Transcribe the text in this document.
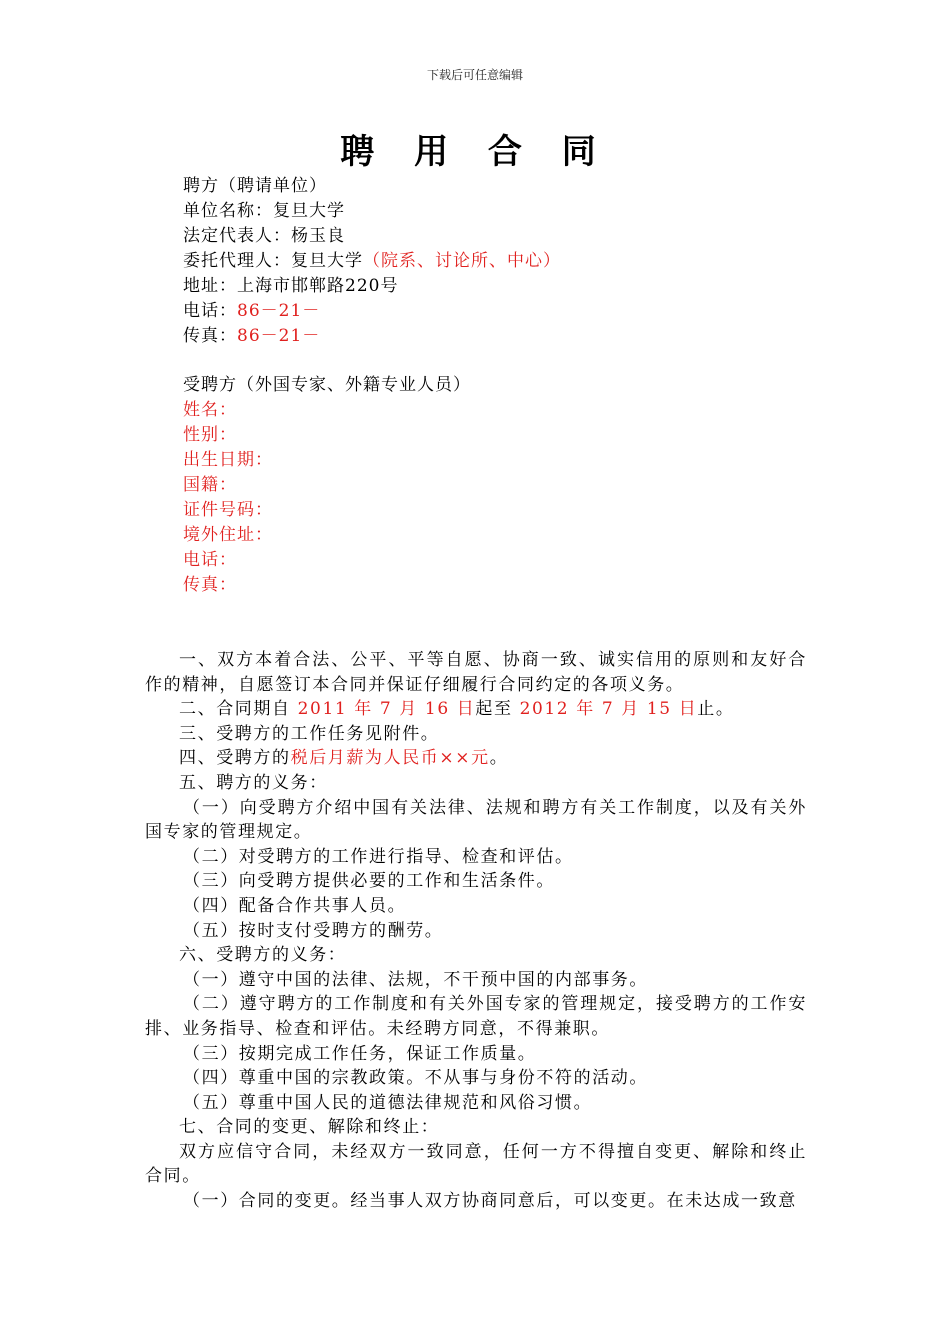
下载后可任意编辑
聘 用 合 同
聘方（聘请单位）
单位名称：复旦大学
法定代表人：杨玉良
委托代理人：复旦大学（院系、讨论所、中心）
地址：上海市邯郸路220号
电话：86－21－
传真：86－21－
受聘方（外国专家、外籍专业人员）
姓名：
性别：
出生日期：
国籍：
证件号码：
境外住址：
电话：
传真：

一、双方本着合法、公平、平等自愿、协商一致、诚实信用的原则和友好合作的精神，自愿签订本合同并保证仔细履行合同约定的各项义务。

二、合同期自 2011 年 7 月 16 日起至 2012 年 7 月 15 日止。

三、受聘方的工作任务见附件。

四、受聘方的税后月薪为人民币××元。

五、聘方的义务：

（一）向受聘方介绍中国有关法律、法规和聘方有关工作制度，以及有关外国专家的管理规定。

（二）对受聘方的工作进行指导、检查和评估。

（三）向受聘方提供必要的工作和生活条件。

（四）配备合作共事人员。

（五）按时支付受聘方的酬劳。

六、受聘方的义务：

（一）遵守中国的法律、法规，不干预中国的内部事务。

（二）遵守聘方的工作制度和有关外国专家的管理规定，接受聘方的工作安排、业务指导、检查和评估。未经聘方同意，不得兼职。

（三）按期完成工作任务，保证工作质量。

（四）尊重中国的宗教政策。不从事与身份不符的活动。

（五）尊重中国人民的道德法律规范和风俗习惯。

七、合同的变更、解除和终止：

双方应信守合同，未经双方一致同意，任何一方不得擅自变更、解除和终止合同。

（一）合同的变更。经当事人双方协商同意后，可以变更。在未达成一致意
